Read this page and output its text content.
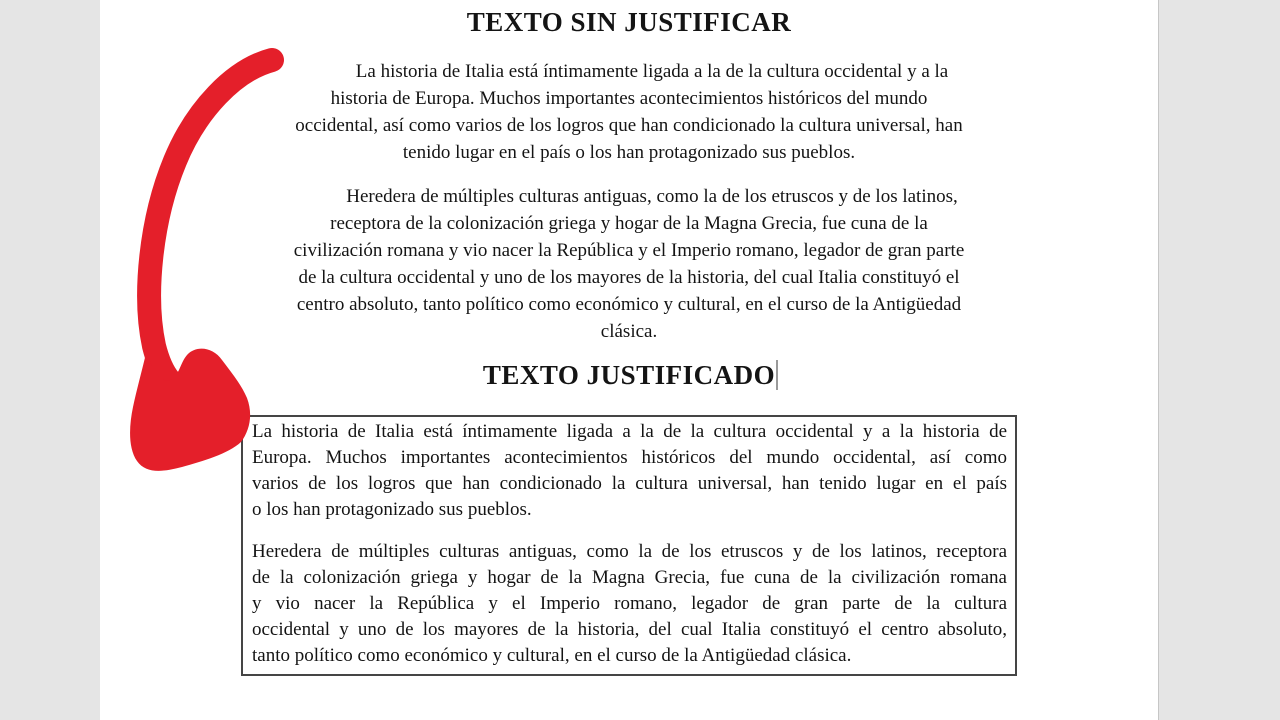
TEXTO SIN JUSTIFICAR
La historia de Italia está íntimamente ligada a la de la cultura occidental y a la
historia de Europa. Muchos importantes acontecimientos históricos del mundo
occidental, así como varios de los logros que han condicionado la cultura universal, han
tenido lugar en el país o los han protagonizado sus pueblos.
Heredera de múltiples culturas antiguas, como la de los etruscos y de los latinos,
receptora de la colonización griega y hogar de la Magna Grecia, fue cuna de la
civilización romana y vio nacer la República y el Imperio romano, legador de gran parte
de la cultura occidental y uno de los mayores de la historia, del cual Italia constituyó el
centro absoluto, tanto político como económico y cultural, en el curso de la Antigüedad
clásica.
TEXTO JUSTIFICADO
La historia de Italia está íntimamente ligada a la de la cultura occidental y a la historia de
Europa. Muchos importantes acontecimientos históricos del mundo occidental, así como
varios de los logros que han condicionado la cultura universal, han tenido lugar en el país
o los han protagonizado sus pueblos.
Heredera de múltiples culturas antiguas, como la de los etruscos y de los latinos, receptora
de la colonización griega y hogar de la Magna Grecia, fue cuna de la civilización romana
y vio nacer la República y el Imperio romano, legador de gran parte de la cultura
occidental y uno de los mayores de la historia, del cual Italia constituyó el centro absoluto,
tanto político como económico y cultural, en el curso de la Antigüedad clásica.
